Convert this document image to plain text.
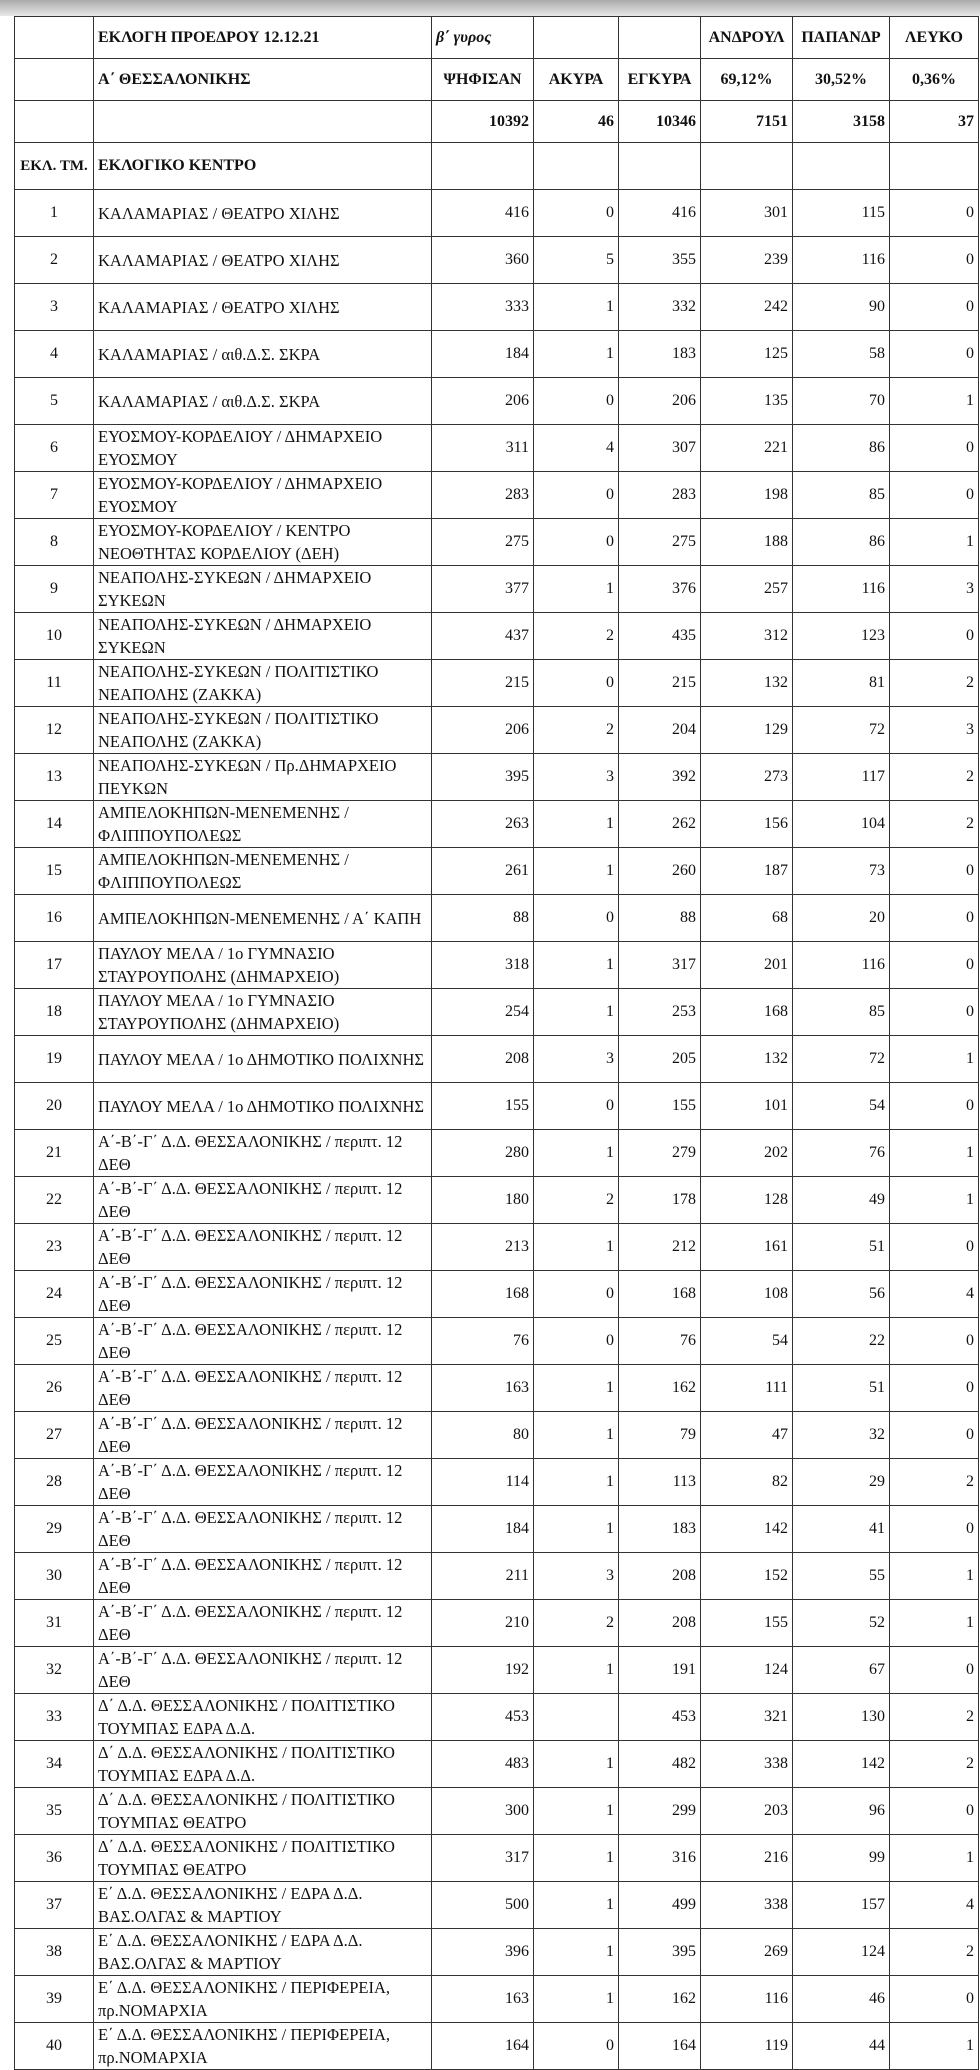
	ΕΚΛΟΓΗ ΠΡΟΕΔΡΟΥ 12.12.21	β΄ γυρος			ΑΝΔΡΟΥΛ	ΠΑΠΑΝΔΡ	ΛΕΥΚΟ
	Α΄ ΘΕΣΣΑΛΟΝΙΚΗΣ	ΨΗΦΙΣΑΝ	ΑΚΥΡΑ	ΕΓΚΥΡΑ	69,12%	30,52%	0,36%
		10392	46	10346	7151	3158	37
ΕΚΛ. ΤΜ.	ΕΚΛΟΓΙΚΟ ΚΕΝΤΡΟ						
1	ΚΑΛΑΜΑΡΙΑΣ / ΘΕΑΤΡΟ ΧΙΛΗΣ	416	0	416	301	115	0
2	ΚΑΛΑΜΑΡΙΑΣ / ΘΕΑΤΡΟ ΧΙΛΗΣ	360	5	355	239	116	0
3	ΚΑΛΑΜΑΡΙΑΣ / ΘΕΑΤΡΟ ΧΙΛΗΣ	333	1	332	242	90	0
4	ΚΑΛΑΜΑΡΙΑΣ / αιθ.Δ.Σ. ΣΚΡΑ	184	1	183	125	58	0
5	ΚΑΛΑΜΑΡΙΑΣ / αιθ.Δ.Σ. ΣΚΡΑ	206	0	206	135	70	1
6	ΕΥΟΣΜΟΥ-ΚΟΡΔΕΛΙΟΥ / ΔΗΜΑΡΧΕΙΟ ΕΥΟΣΜΟΥ	311	4	307	221	86	0
7	ΕΥΟΣΜΟΥ-ΚΟΡΔΕΛΙΟΥ / ΔΗΜΑΡΧΕΙΟ ΕΥΟΣΜΟΥ	283	0	283	198	85	0
8	ΕΥΟΣΜΟΥ-ΚΟΡΔΕΛΙΟΥ / ΚΕΝΤΡΟ ΝΕΟΘΤΗΤΑΣ ΚΟΡΔΕΛΙΟΥ (ΔΕΗ)	275	0	275	188	86	1
9	ΝΕΑΠΟΛΗΣ-ΣΥΚΕΩΝ / ΔΗΜΑΡΧΕΙΟ ΣΥΚΕΩΝ	377	1	376	257	116	3
10	ΝΕΑΠΟΛΗΣ-ΣΥΚΕΩΝ / ΔΗΜΑΡΧΕΙΟ ΣΥΚΕΩΝ	437	2	435	312	123	0
11	ΝΕΑΠΟΛΗΣ-ΣΥΚΕΩΝ / ΠΟΛΙΤΙΣΤΙΚΟ ΝΕΑΠΟΛΗΣ (ΖΑΚΚΑ)	215	0	215	132	81	2
12	ΝΕΑΠΟΛΗΣ-ΣΥΚΕΩΝ / ΠΟΛΙΤΙΣΤΙΚΟ ΝΕΑΠΟΛΗΣ (ΖΑΚΚΑ)	206	2	204	129	72	3
13	ΝΕΑΠΟΛΗΣ-ΣΥΚΕΩΝ / Πρ.ΔΗΜΑΡΧΕΙΟ ΠΕΥΚΩΝ	395	3	392	273	117	2
14	ΑΜΠΕΛΟΚΗΠΩΝ-ΜΕΝΕΜΕΝΗΣ / ΦΛΙΠΠΟΥΠΟΛΕΩΣ	263	1	262	156	104	2
15	ΑΜΠΕΛΟΚΗΠΩΝ-ΜΕΝΕΜΕΝΗΣ / ΦΛΙΠΠΟΥΠΟΛΕΩΣ	261	1	260	187	73	0
16	ΑΜΠΕΛΟΚΗΠΩΝ-ΜΕΝΕΜΕΝΗΣ / Α΄ ΚΑΠΗ	88	0	88	68	20	0
17	ΠΑΥΛΟΥ ΜΕΛΑ / 1ο ΓΥΜΝΑΣΙΟ ΣΤΑΥΡΟΥΠΟΛΗΣ (ΔΗΜΑΡΧΕΙΟ)	318	1	317	201	116	0
18	ΠΑΥΛΟΥ ΜΕΛΑ / 1ο ΓΥΜΝΑΣΙΟ ΣΤΑΥΡΟΥΠΟΛΗΣ (ΔΗΜΑΡΧΕΙΟ)	254	1	253	168	85	0
19	ΠΑΥΛΟΥ ΜΕΛΑ / 1ο ΔΗΜΟΤΙΚΟ ΠΟΛΙΧΝΗΣ	208	3	205	132	72	1
20	ΠΑΥΛΟΥ ΜΕΛΑ / 1ο ΔΗΜΟΤΙΚΟ ΠΟΛΙΧΝΗΣ	155	0	155	101	54	0
21	Α΄-Β΄-Γ΄ Δ.Δ. ΘΕΣΣΑΛΟΝΙΚΗΣ / περιπτ. 12 ΔΕΘ	280	1	279	202	76	1
22	Α΄-Β΄-Γ΄ Δ.Δ. ΘΕΣΣΑΛΟΝΙΚΗΣ / περιπτ. 12 ΔΕΘ	180	2	178	128	49	1
23	Α΄-Β΄-Γ΄ Δ.Δ. ΘΕΣΣΑΛΟΝΙΚΗΣ / περιπτ. 12 ΔΕΘ	213	1	212	161	51	0
24	Α΄-Β΄-Γ΄ Δ.Δ. ΘΕΣΣΑΛΟΝΙΚΗΣ / περιπτ. 12 ΔΕΘ	168	0	168	108	56	4
25	Α΄-Β΄-Γ΄ Δ.Δ. ΘΕΣΣΑΛΟΝΙΚΗΣ / περιπτ. 12 ΔΕΘ	76	0	76	54	22	0
26	Α΄-Β΄-Γ΄ Δ.Δ. ΘΕΣΣΑΛΟΝΙΚΗΣ / περιπτ. 12 ΔΕΘ	163	1	162	111	51	0
27	Α΄-Β΄-Γ΄ Δ.Δ. ΘΕΣΣΑΛΟΝΙΚΗΣ / περιπτ. 12 ΔΕΘ	80	1	79	47	32	0
28	Α΄-Β΄-Γ΄ Δ.Δ. ΘΕΣΣΑΛΟΝΙΚΗΣ / περιπτ. 12 ΔΕΘ	114	1	113	82	29	2
29	Α΄-Β΄-Γ΄ Δ.Δ. ΘΕΣΣΑΛΟΝΙΚΗΣ / περιπτ. 12 ΔΕΘ	184	1	183	142	41	0
30	Α΄-Β΄-Γ΄ Δ.Δ. ΘΕΣΣΑΛΟΝΙΚΗΣ / περιπτ. 12 ΔΕΘ	211	3	208	152	55	1
31	Α΄-Β΄-Γ΄ Δ.Δ. ΘΕΣΣΑΛΟΝΙΚΗΣ / περιπτ. 12 ΔΕΘ	210	2	208	155	52	1
32	Α΄-Β΄-Γ΄ Δ.Δ. ΘΕΣΣΑΛΟΝΙΚΗΣ / περιπτ. 12 ΔΕΘ	192	1	191	124	67	0
33	Δ΄ Δ.Δ. ΘΕΣΣΑΛΟΝΙΚΗΣ / ΠΟΛΙΤΙΣΤΙΚΟ ΤΟΥΜΠΑΣ ΕΔΡΑ Δ.Δ.	453		453	321	130	2
34	Δ΄ Δ.Δ. ΘΕΣΣΑΛΟΝΙΚΗΣ / ΠΟΛΙΤΙΣΤΙΚΟ ΤΟΥΜΠΑΣ ΕΔΡΑ Δ.Δ.	483	1	482	338	142	2
35	Δ΄ Δ.Δ. ΘΕΣΣΑΛΟΝΙΚΗΣ / ΠΟΛΙΤΙΣΤΙΚΟ ΤΟΥΜΠΑΣ ΘΕΑΤΡΟ	300	1	299	203	96	0
36	Δ΄ Δ.Δ. ΘΕΣΣΑΛΟΝΙΚΗΣ / ΠΟΛΙΤΙΣΤΙΚΟ ΤΟΥΜΠΑΣ ΘΕΑΤΡΟ	317	1	316	216	99	1
37	Ε΄ Δ.Δ. ΘΕΣΣΑΛΟΝΙΚΗΣ / ΕΔΡΑ Δ.Δ. ΒΑΣ.ΟΛΓΑΣ & ΜΑΡΤΙΟΥ	500	1	499	338	157	4
38	Ε΄ Δ.Δ. ΘΕΣΣΑΛΟΝΙΚΗΣ / ΕΔΡΑ Δ.Δ. ΒΑΣ.ΟΛΓΑΣ & ΜΑΡΤΙΟΥ	396	1	395	269	124	2
39	Ε΄ Δ.Δ. ΘΕΣΣΑΛΟΝΙΚΗΣ / ΠΕΡΙΦΕΡΕΙΑ, πρ.ΝΟΜΑΡΧΙΑ	163	1	162	116	46	0
40	Ε΄ Δ.Δ. ΘΕΣΣΑΛΟΝΙΚΗΣ / ΠΕΡΙΦΕΡΕΙΑ, πρ.ΝΟΜΑΡΧΙΑ	164	0	164	119	44	1
